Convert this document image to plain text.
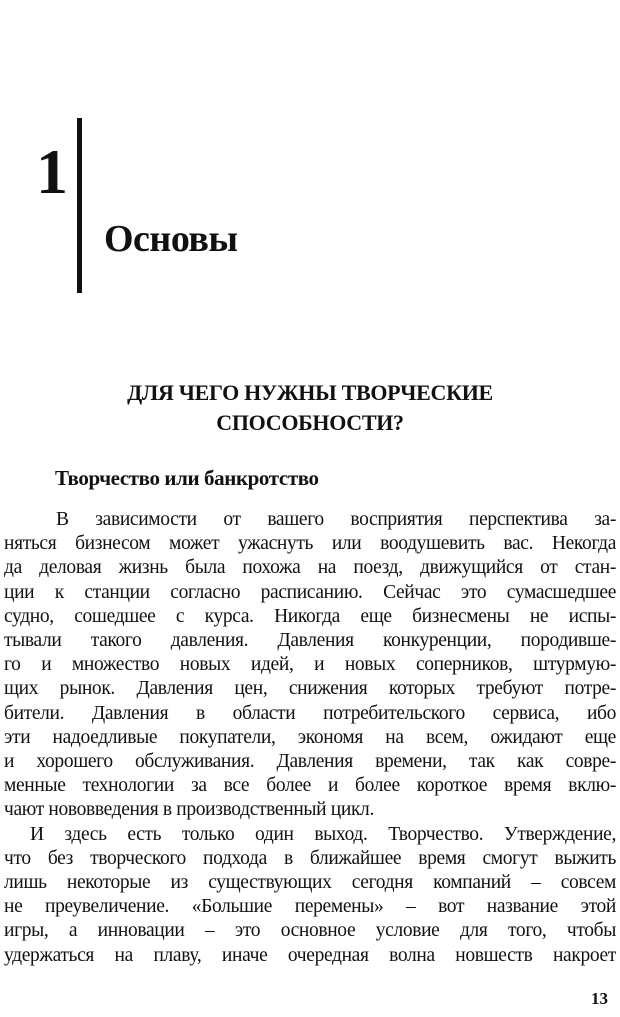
1
Основы
ДЛЯ ЧЕГО НУЖНЫ ТВОРЧЕСКИЕ
СПОСОБНОСТИ?
Творчество или банкротство
В зависимости от вашего восприятия перспектива за-
няться бизнесом может ужаснуть или воодушевить вас. Некогда
да деловая жизнь была похожа на поезд, движущийся от стан-
ции к станции согласно расписанию. Сейчас это сумасшедшее
судно, сошедшее с курса. Никогда еще бизнесмены не испы-
тывали такого давления. Давления конкуренции, породивше-
го и множество новых идей, и новых соперников, штурмую-
щих рынок. Давления цен, снижения которых требуют потре-
бители. Давления в области потребительского сервиса, ибо
эти надоедливые покупатели, экономя на всем, ожидают еще
и хорошего обслуживания. Давления времени, так как совре-
менные технологии за все более и более короткое время вклю-
чают нововведения в производственный цикл.
И здесь есть только один выход. Творчество. Утверждение,
что без творческого подхода в ближайшее время смогут выжить
лишь некоторые из существующих сегодня компаний – совсем
не преувеличение. «Большие перемены» – вот название этой
игры, а инновации – это основное условие для того, чтобы
удержаться на плаву, иначе очередная волна новшеств накроет
13
